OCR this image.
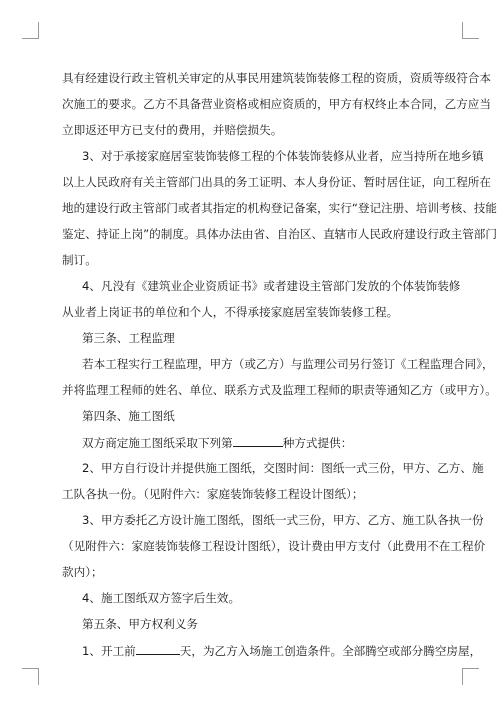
具有经建设行政主管机关审定的从事民用建筑装饰装修工程的资质，资质等级符合本
次施工的要求。乙方不具备营业资格或相应资质的，甲方有权终止本合同，乙方应当
立即返还甲方已支付的费用，并赔偿损失。
3、对于承接家庭居室装饰装修工程的个体装饰装修从业者，应当持所在地乡镇
以上人民政府有关主管部门出具的务工证明、本人身份证、暂时居住证，向工程所在
地的建设行政主管部门或者其指定的机构登记备案，实行“登记注册、培训考核、技能
鉴定、持证上岗”的制度。具体办法由省、自治区、直辖市人民政府建设行政主管部门
制订。
4、凡没有《建筑业企业资质证书》或者建设主管部门发放的个体装饰装修
从业者上岗证书的单位和个人，不得承接家庭居室装饰装修工程。
第三条、工程监理
若本工程实行工程监理，甲方（或乙方）与监理公司另行签订《工程监理合同》，
并将监理工程师的姓名、单位、联系方式及监理工程师的职责等通知乙方（或甲方）。
第四条、施工图纸
双方商定施工图纸采取下列第	种方式提供：
2、甲方自行设计并提供施工图纸，交图时间：图纸一式三份，甲方、乙方、施
工队各执一份。（见附件六：家庭装饰装修工程设计图纸）；
3、甲方委托乙方设计施工图纸，图纸一式三份，甲方、乙方、施工队各执一份
（见附件六：家庭装饰装修工程设计图纸），设计费由甲方支付（此费用不在工程价
款内）；
4、施工图纸双方签字后生效。
第五条、甲方权利义务
1、开工前	天，为乙方入场施工创造条件。全部腾空或部分腾空房屋，
